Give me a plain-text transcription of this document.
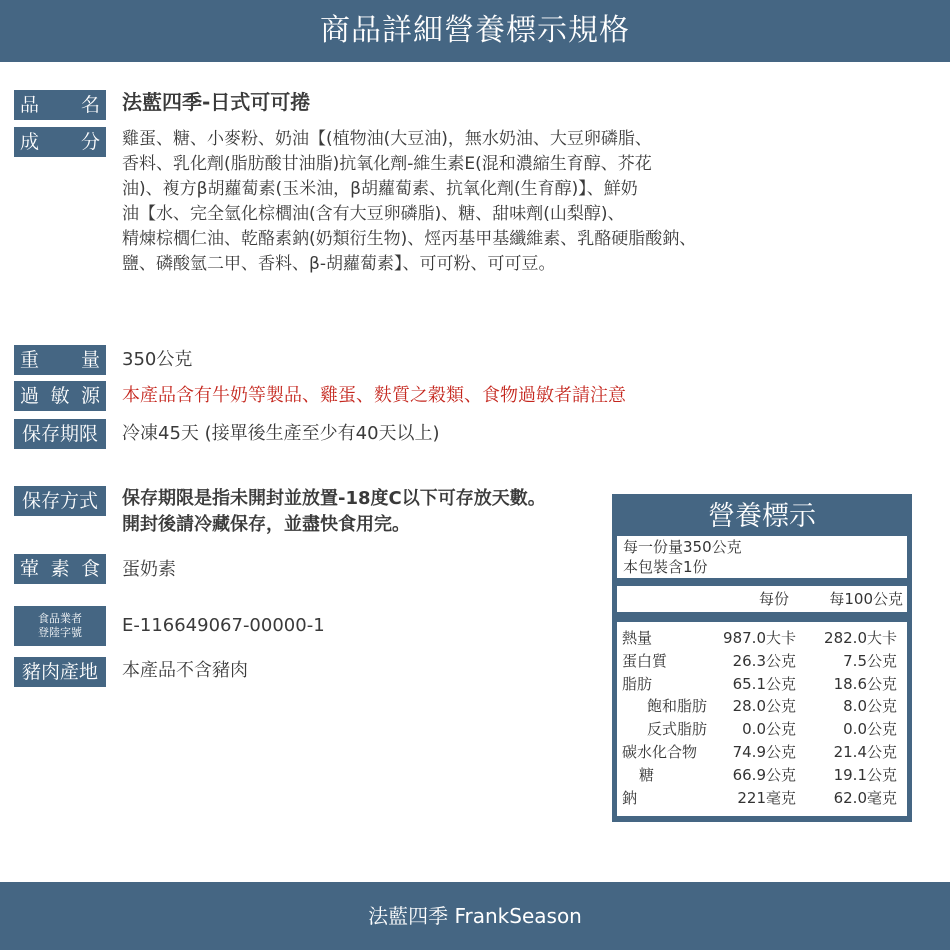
商品詳細營養標示規格
品 名 法藍四季-日式可可捲
成 分 雞蛋、糖、小麥粉、奶油【(植物油(大豆油)，無水奶油、大豆卵磷脂、
香料、乳化劑(脂肪酸甘油脂)抗氧化劑-維生素E(混和濃縮生育醇、芥花
油)、複方β胡蘿蔔素(玉米油，β胡蘿蔔素、抗氧化劑(生育醇)】、鮮奶
油【水、完全氫化棕櫚油(含有大豆卵磷脂)、糖、甜味劑(山梨醇)、
精煉棕櫚仁油、乾酪素鈉(奶類衍生物)、烴丙基甲基纖維素、乳酪硬脂酸鈉、
鹽、磷酸氫二甲、香料、β-胡蘿蔔素】、可可粉、可可豆。
重 量 350公克
過 敏 源 本產品含有牛奶等製品、雞蛋、麩質之穀類、食物過敏者請注意
保存期限 冷凍45天 (接單後生產至少有40天以上)
保存方式 保存期限是指未開封並放置-18度C以下可存放天數。
開封後請冷藏保存，並盡快食用完。
葷 素 食 蛋奶素
食品業者
登陸字號 E-116649067-00000-1
豬肉產地 本產品不含豬肉
營養標示
每一份量350公克
本包裝含1份
每份	每100公克
熱量	987.0大卡	282.0大卡
蛋白質	26.3公克	7.5公克
脂肪	65.1公克	18.6公克
飽和脂肪	28.0公克	8.0公克
反式脂肪	0.0公克	0.0公克
碳水化合物	74.9公克	21.4公克
糖	66.9公克	19.1公克
鈉	221毫克	62.0毫克
法藍四季 FrankSeason
